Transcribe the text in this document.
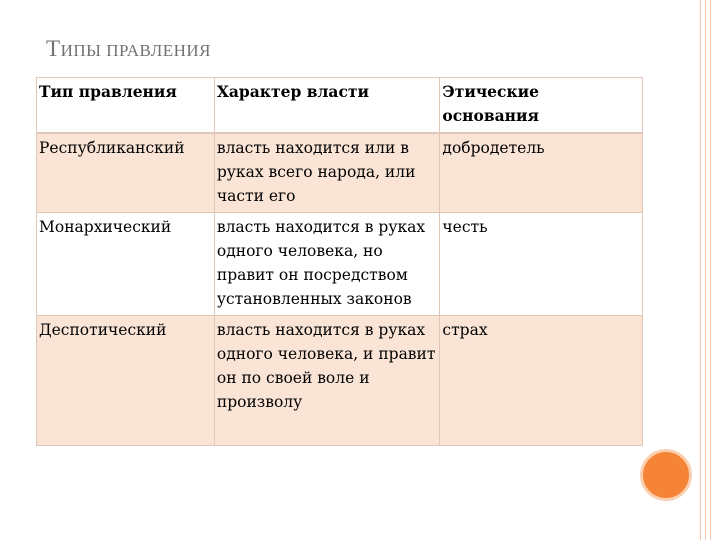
ТИПЫ ПРАВЛЕНИЯ
Тип правления	Характер власти	Этические основания
Республиканский	власть находится или в руках всего народа, или части его	добродетель
Монархический	власть находится в руках одного человека, но правит он посредством установленных законов	честь
Деспотический	власть находится в руках одного человека, и правит он по своей воле и произволу	страх
